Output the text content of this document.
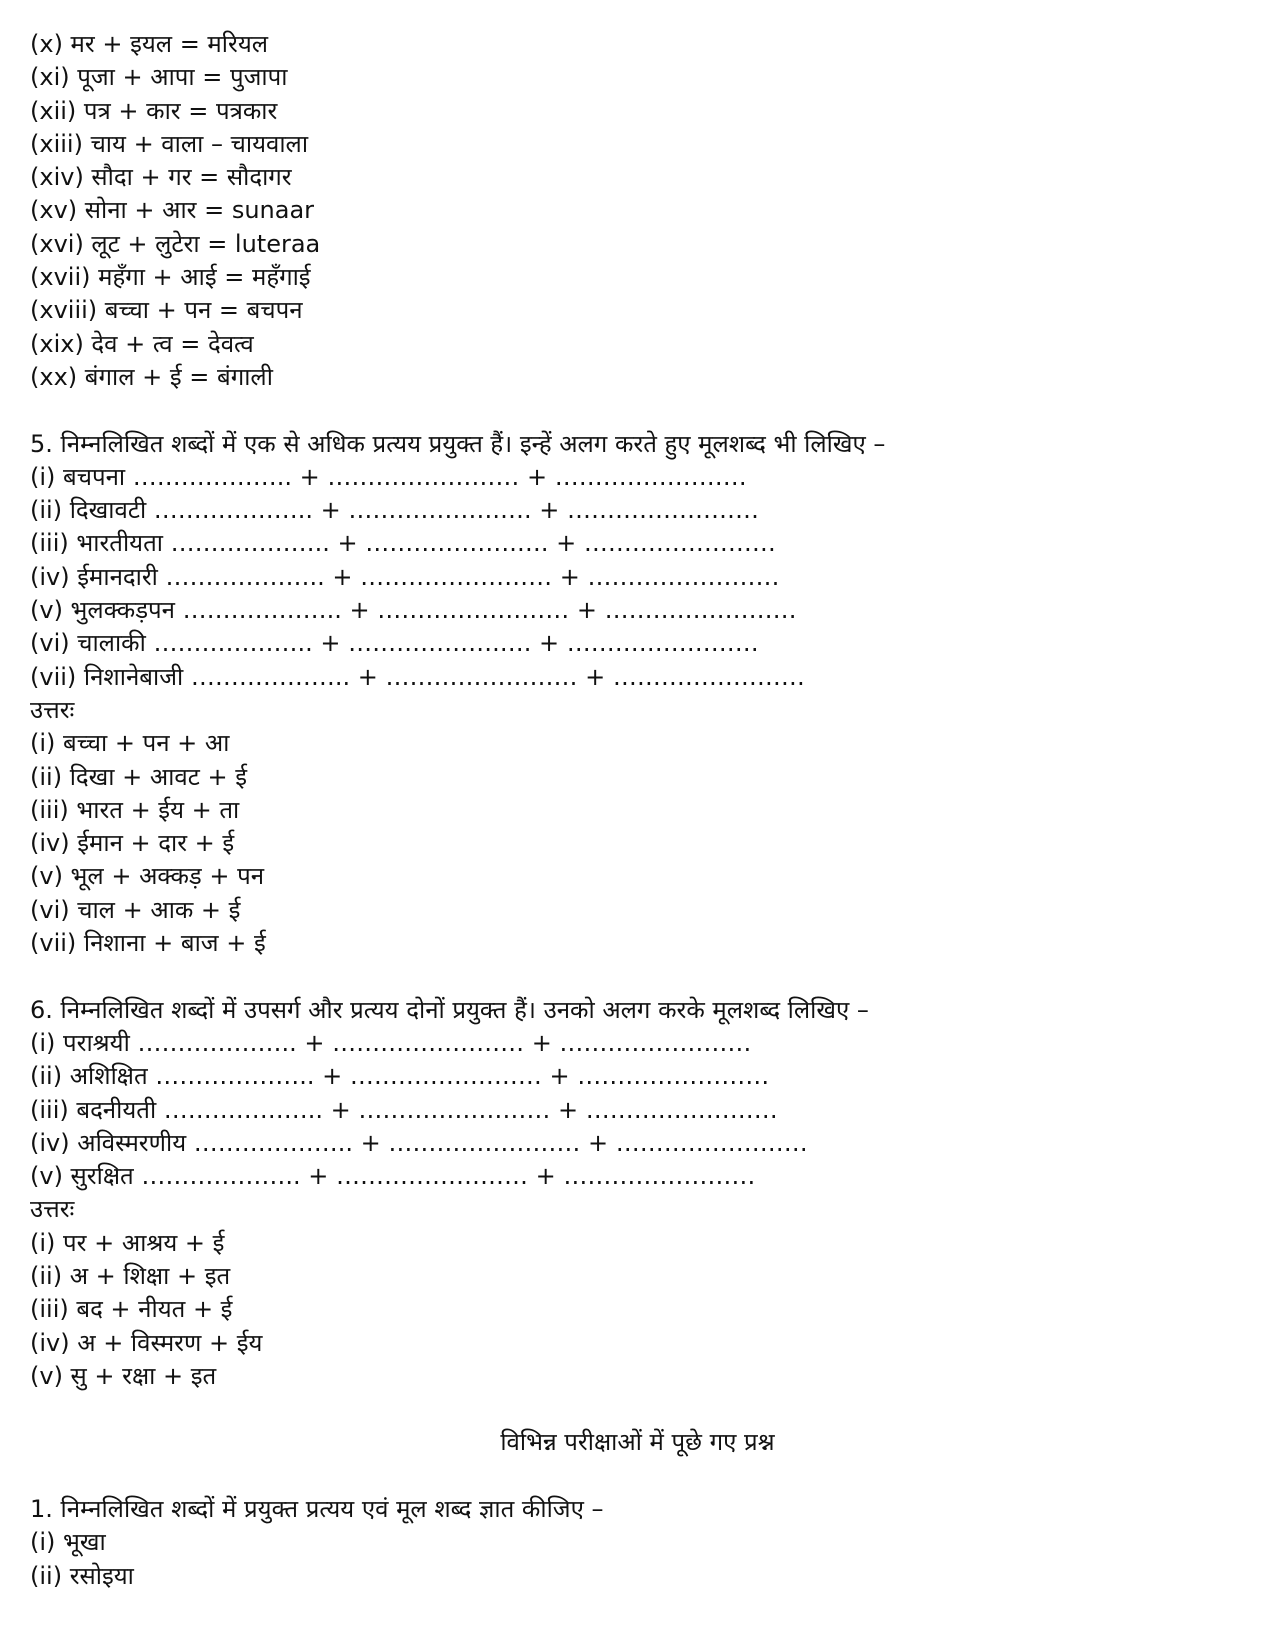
(x) मर + इयल = मरियल
(xi) पूजा + आपा = पुजापा
(xii) पत्र + कार = पत्रकार
(xiii) चाय + वाला – चायवाला
(xiv) सौदा + गर = सौदागर
(xv) सोना + आर = sunaar
(xvi) लूट + लुटेरा = luteraa
(xvii) महँगा + आई = महँगाई
(xviii) बच्चा + पन = बचपन
(xix) देव + त्व = देवत्व
(xx) बंगाल + ई = बंगाली
5. निम्नलिखित शब्दों में एक से अधिक प्रत्यय प्रयुक्त हैं। इन्हें अलग करते हुए मूलशब्द भी लिखिए –
(i) बचपना ……………….. + …………………… + ……………………
(ii) दिखावटी ……………….. + ……………….…. + ……………………
(iii) भारतीयता ……………….. + ……………….…. + ……………………
(iv) ईमानदारी ……………….. + …………………… + ……………………
(v) भुलक्कड़पन ……………….. + …………………… + ……………………
(vi) चालाकी ……………….. + ……………….…. + ……………………
(vii) निशानेबाजी ……………….. + …………………… + ……………………
उत्तरः
(i) बच्चा + पन + आ
(ii) दिखा + आवट + ई
(iii) भारत + ईय + ता
(iv) ईमान + दार + ई
(v) भूल + अक्कड़ + पन
(vi) चाल + आक + ई
(vii) निशाना + बाज + ई
6. निम्नलिखित शब्दों में उपसर्ग और प्रत्यय दोनों प्रयुक्त हैं। उनको अलग करके मूलशब्द लिखिए –
(i) पराश्रयी ……………….. + …………………… + ……………………
(ii) अशिक्षित ……………….. + …………………… + ……………………
(iii) बदनीयती ……………….. + …………………… + ……………………
(iv) अविस्मरणीय ……………….. + …………………… + ……………………
(v) सुरक्षित ……………….. + …………………… + ……………………
उत्तरः
(i) पर + आश्रय + ई
(ii) अ + शिक्षा + इत
(iii) बद + नीयत + ई
(iv) अ + विस्मरण + ईय
(v) सु + रक्षा + इत
विभिन्न परीक्षाओं में पूछे गए प्रश्न
1. निम्नलिखित शब्दों में प्रयुक्त प्रत्यय एवं मूल शब्द ज्ञात कीजिए –
(i) भूखा
(ii) रसोइया
